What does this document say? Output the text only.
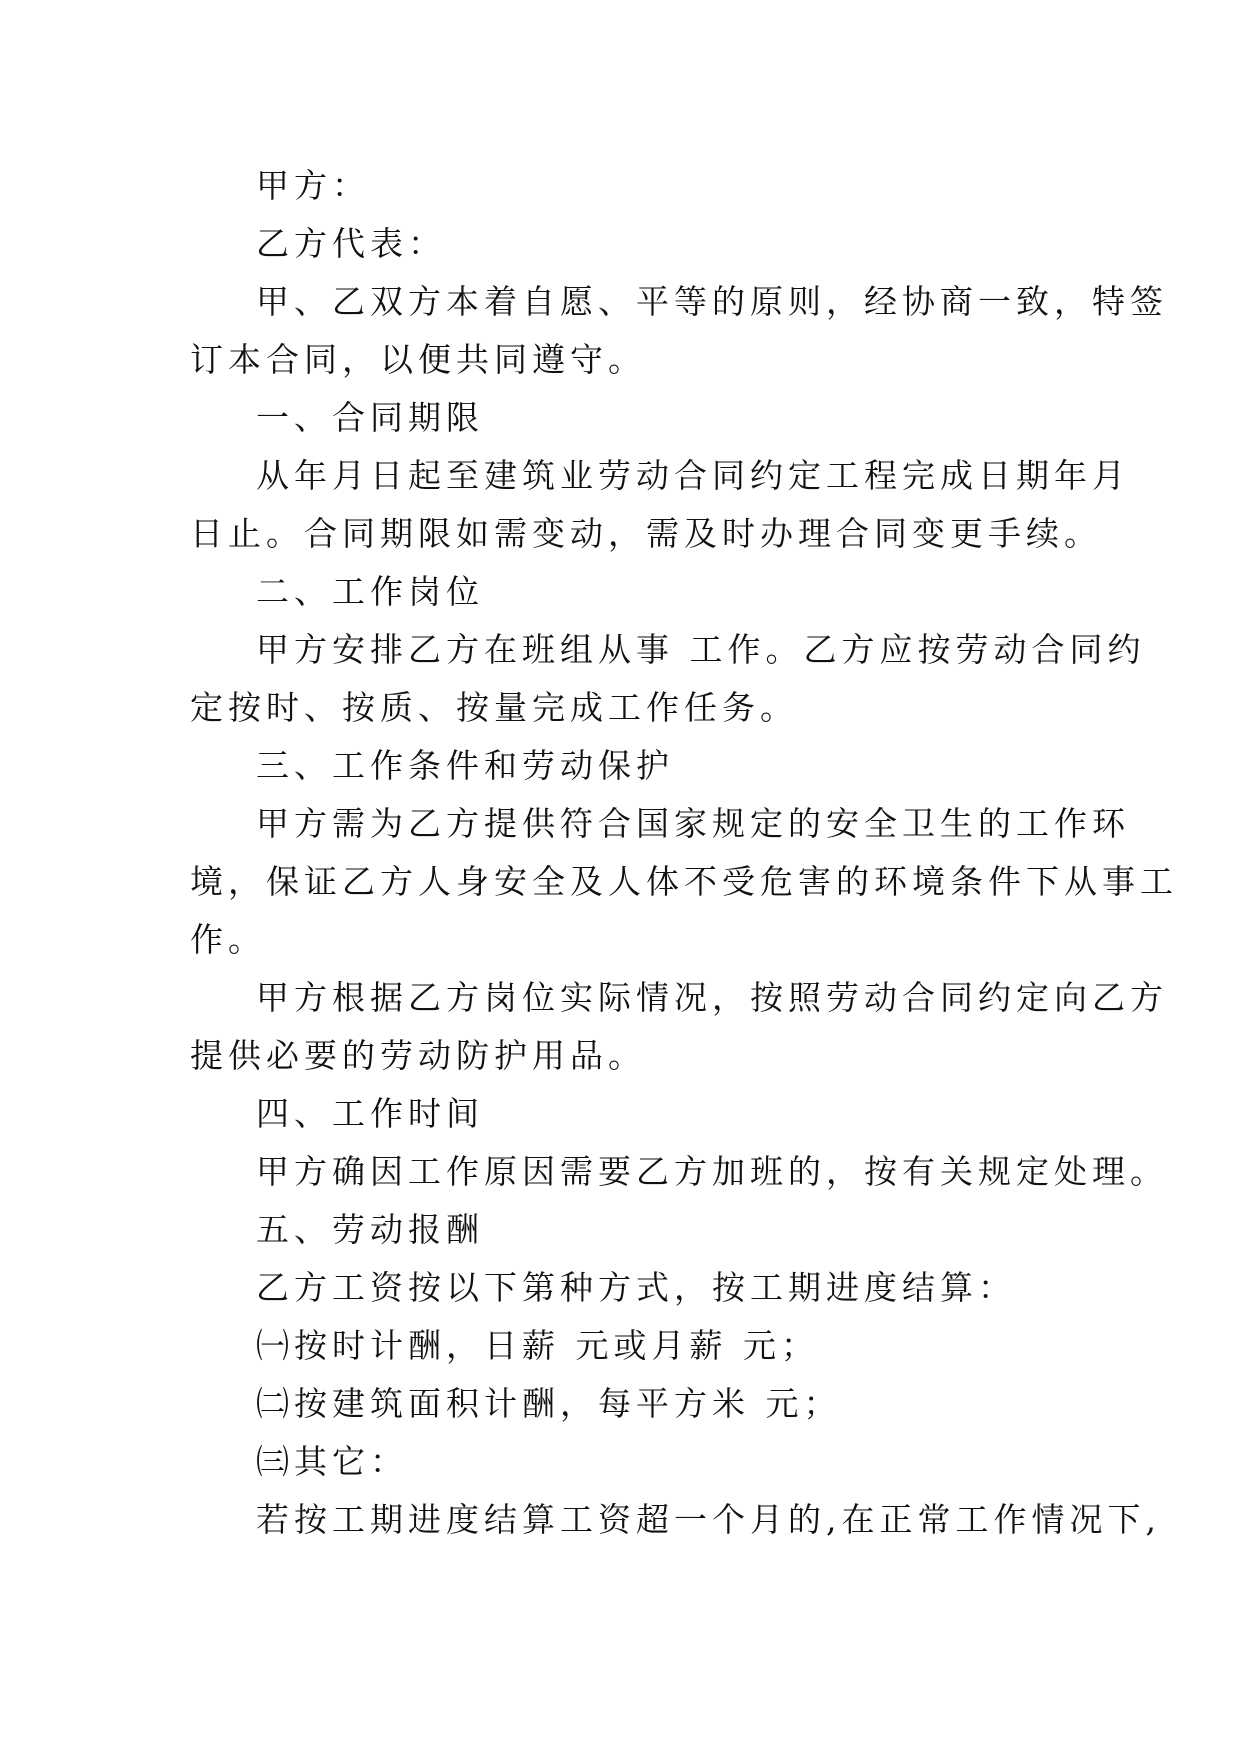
甲方：
乙方代表：
甲、乙双方本着自愿、平等的原则，经协商一致，特签
订本合同，以便共同遵守。
一、合同期限
从年月日起至建筑业劳动合同约定工程完成日期年月
日止。合同期限如需变动，需及时办理合同变更手续。
二、工作岗位
甲方安排乙方在班组从事 工作。乙方应按劳动合同约
定按时、按质、按量完成工作任务。
三、工作条件和劳动保护
甲方需为乙方提供符合国家规定的安全卫生的工作环
境，保证乙方人身安全及人体不受危害的环境条件下从事工
作。
甲方根据乙方岗位实际情况，按照劳动合同约定向乙方
提供必要的劳动防护用品。
四、工作时间
甲方确因工作原因需要乙方加班的，按有关规定处理。
五、劳动报酬
乙方工资按以下第种方式，按工期进度结算：
㈠按时计酬，日薪 元或月薪 元；
㈡按建筑面积计酬，每平方米 元；
㈢其它：
若按工期进度结算工资超一个月的,在正常工作情况下,
